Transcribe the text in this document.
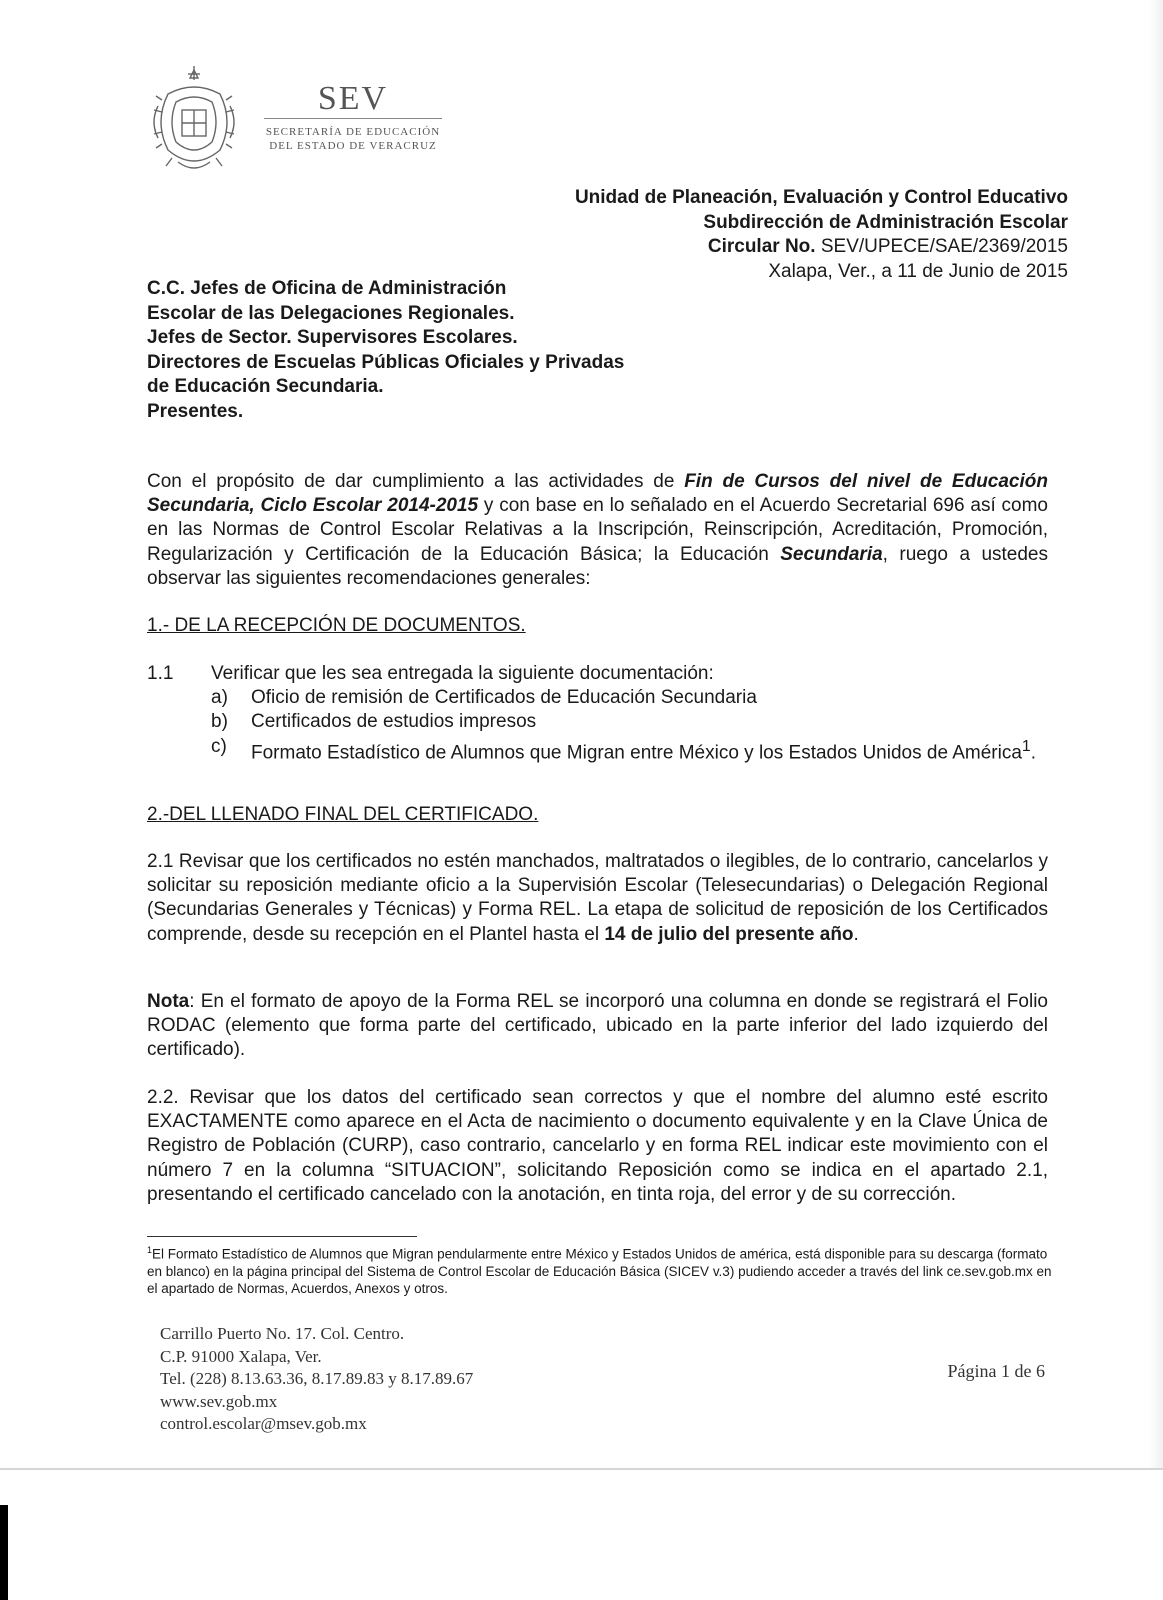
SEV
SECRETARÍA DE EDUCACIÓN
DEL ESTADO DE VERACRUZ
Unidad de Planeación, Evaluación y Control Educativo
Subdirección de Administración Escolar
Circular No. SEV/UPECE/SAE/2369/2015
Xalapa, Ver., a 11 de Junio de 2015
C.C. Jefes de Oficina de Administración
Escolar de las Delegaciones Regionales.
Jefes de Sector. Supervisores Escolares.
Directores de Escuelas Públicas Oficiales y Privadas
de Educación Secundaria.
Presentes.
Con el propósito de dar cumplimiento a las actividades de Fin de Cursos del nivel de Educación Secundaria, Ciclo Escolar 2014-2015 y con base en lo señalado en el Acuerdo Secretarial 696 así como en las Normas de Control Escolar Relativas a la Inscripción, Reinscripción, Acreditación, Promoción, Regularización y Certificación de la Educación Básica; la Educación Secundaria, ruego a ustedes observar las siguientes recomendaciones generales:
1.- DE LA RECEPCIÓN DE DOCUMENTOS.
1.1	Verificar que les sea entregada la siguiente documentación:
a)	Oficio de remisión de Certificados de Educación Secundaria
b)	Certificados de estudios impresos
c)	Formato Estadístico de Alumnos que Migran entre México y los Estados Unidos de América$^1$.
2.-DEL LLENADO FINAL DEL CERTIFICADO.
2.1 Revisar que los certificados no estén manchados, maltratados o ilegibles, de lo contrario, cancelarlos y solicitar su reposición mediante oficio a la Supervisión Escolar (Telesecundarias) o Delegación Regional (Secundarias Generales y Técnicas) y Forma REL. La etapa de solicitud de reposición de los Certificados comprende, desde su recepción en el Plantel hasta el 14 de julio del presente año.
Nota: En el formato de apoyo de la Forma REL se incorporó una columna en donde se registrará el Folio RODAC (elemento que forma parte del certificado, ubicado en la parte inferior del lado izquierdo del certificado).
2.2. Revisar que los datos del certificado sean correctos y que el nombre del alumno esté escrito EXACTAMENTE como aparece en el Acta de nacimiento o documento equivalente y en la Clave Única de Registro de Población (CURP), caso contrario, cancelarlo y en forma REL indicar este movimiento con el número 7 en la columna “SITUACION”, solicitando Reposición como se indica en el apartado 2.1, presentando el certificado cancelado con la anotación, en tinta roja, del error y de su corrección.
$^1$El Formato Estadístico de Alumnos que Migran pendularmente entre México y Estados Unidos de américa, está disponible para su descarga (formato en blanco) en la página principal del Sistema de Control Escolar de Educación Básica (SICEV v.3) pudiendo acceder a través del link ce.sev.gob.mx en el apartado de Normas, Acuerdos, Anexos y otros.
Carrillo Puerto No. 17. Col. Centro.
C.P. 91000 Xalapa, Ver.
Tel. (228) 8.13.63.36, 8.17.89.83 y 8.17.89.67
www.sev.gob.mx
control.escolar@msev.gob.mx
Página 1 de 6
